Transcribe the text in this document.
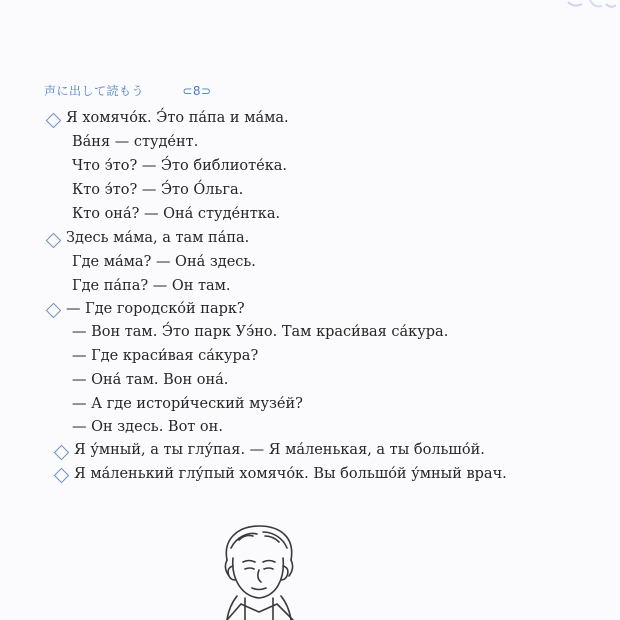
声に出して読もう	⊂8⊃
Я хомячо́к. Э́то па́па и ма́ма.
Ва́ня — студе́нт.
Что э́то? — Э́то библиоте́ка.
Кто э́то? — Э́то О́льга.
Кто она́? — Она́ студе́нтка.
Здесь ма́ма, а там па́па.
Где ма́ма? — Она́ здесь.
Где па́па? — Он там.
— Где городско́й парк?
— Вон там. Э́то парк Уэ́но. Там краси́вая са́кура.
— Где краси́вая са́кура?
— Она́ там. Вон она́.
— А где истори́ческий музе́й?
— Он здесь. Вот он.
Я у́мный, а ты глу́пая. — Я ма́ленькая, а ты большо́й.
Я ма́ленький глу́пый хомячо́к. Вы большо́й у́мный врач.
